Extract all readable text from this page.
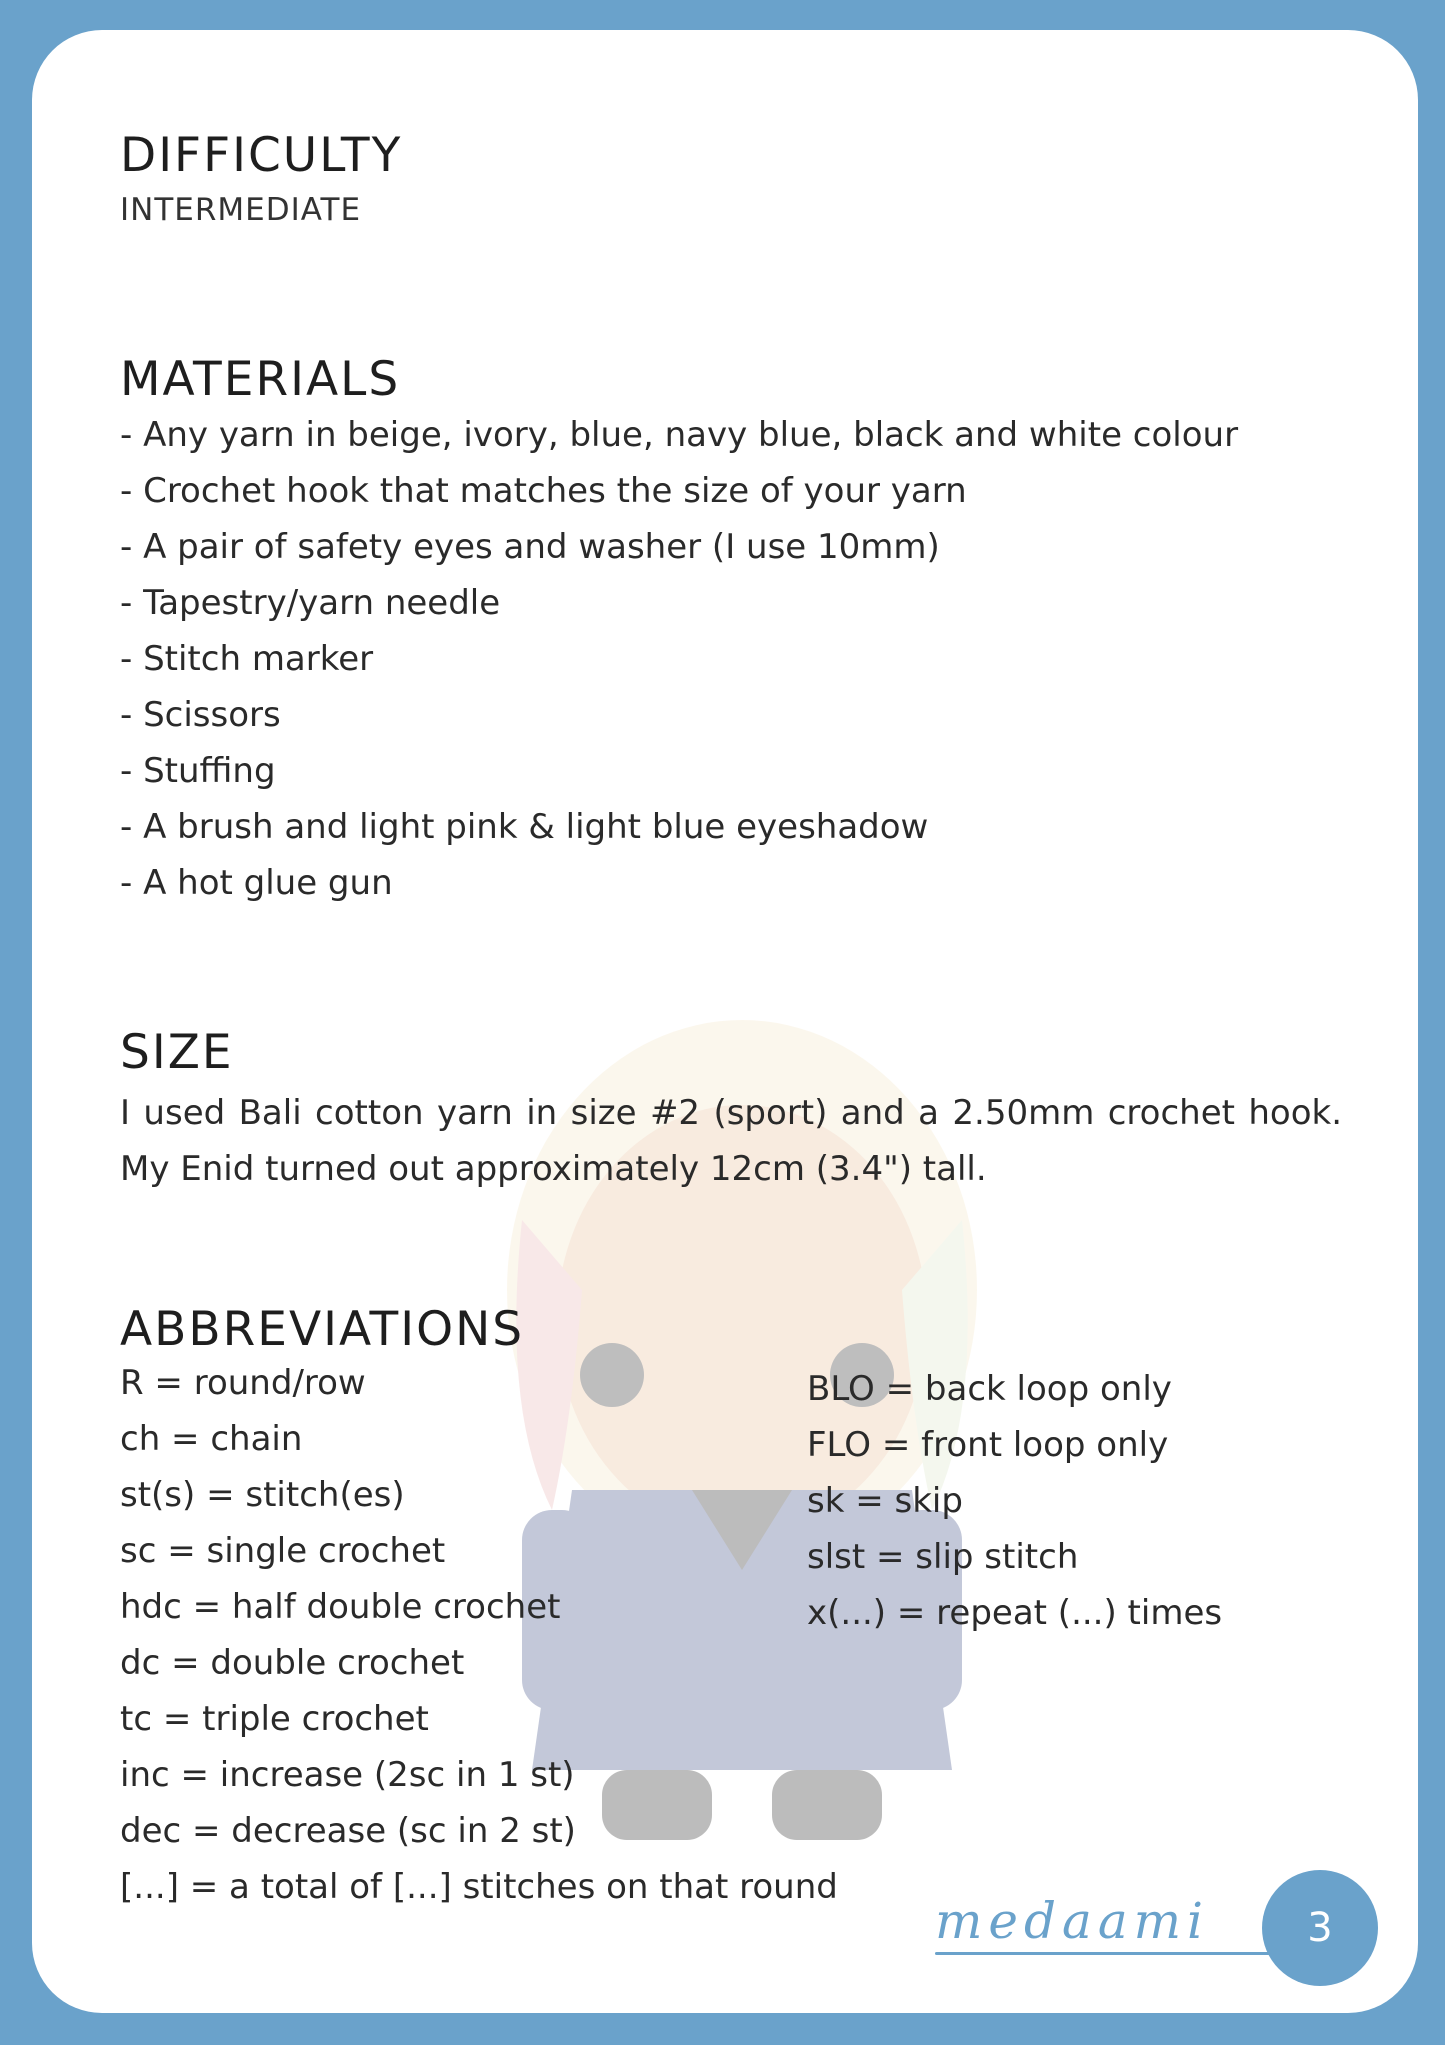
DIFFICULTY

INTERMEDIATE

MATERIALS

- Any yarn in beige, ivory, blue, navy blue, black and white colour

- Crochet hook that matches the size of your yarn

- A pair of safety eyes and washer (I use 10mm)

- Tapestry/yarn needle

- Stitch marker

- Scissors

- Stuffing

- A brush and light pink & light blue eyeshadow

- A hot glue gun

SIZE

I used Bali cotton yarn in size #2 (sport) and a 2.50mm crochet hook. My Enid turned out approximately 12cm (3.4") tall.

ABBREVIATIONS

R = round/row

ch = chain

st(s) = stitch(es)

sc = single crochet

hdc = half double crochet

dc = double crochet

tc = triple crochet

inc = increase (2sc in 1 st)

dec = decrease (sc in 2 st)

[...] = a total of [...] stitches on that round

BLO = back loop only

FLO = front loop only

sk = skip

slst = slip stitch

x(...) = repeat (...) times

medaami 3
